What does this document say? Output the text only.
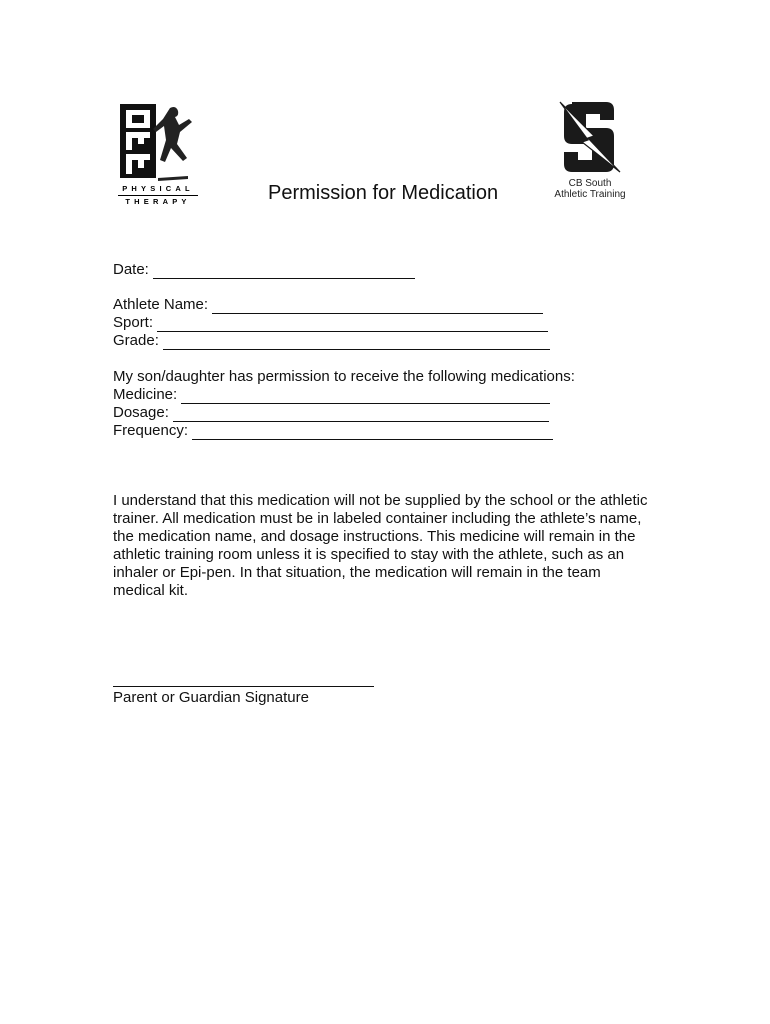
PHYSICAL
THERAPY	Permission for Medication	CB South
Athletic Training
Date:
Athlete Name:
Sport:
Grade:
My son/daughter has permission to receive the following medications:
Medicine:
Dosage:
Frequency:
I understand that this medication will not be supplied by the school or the athletic
trainer. All medication must be in labeled container including the athlete’s name,
the medication name, and dosage instructions. This medicine will remain in the
athletic training room unless it is specified to stay with the athlete, such as an
inhaler or Epi-pen. In that situation, the medication will remain in the team
medical kit.
Parent or Guardian Signature
